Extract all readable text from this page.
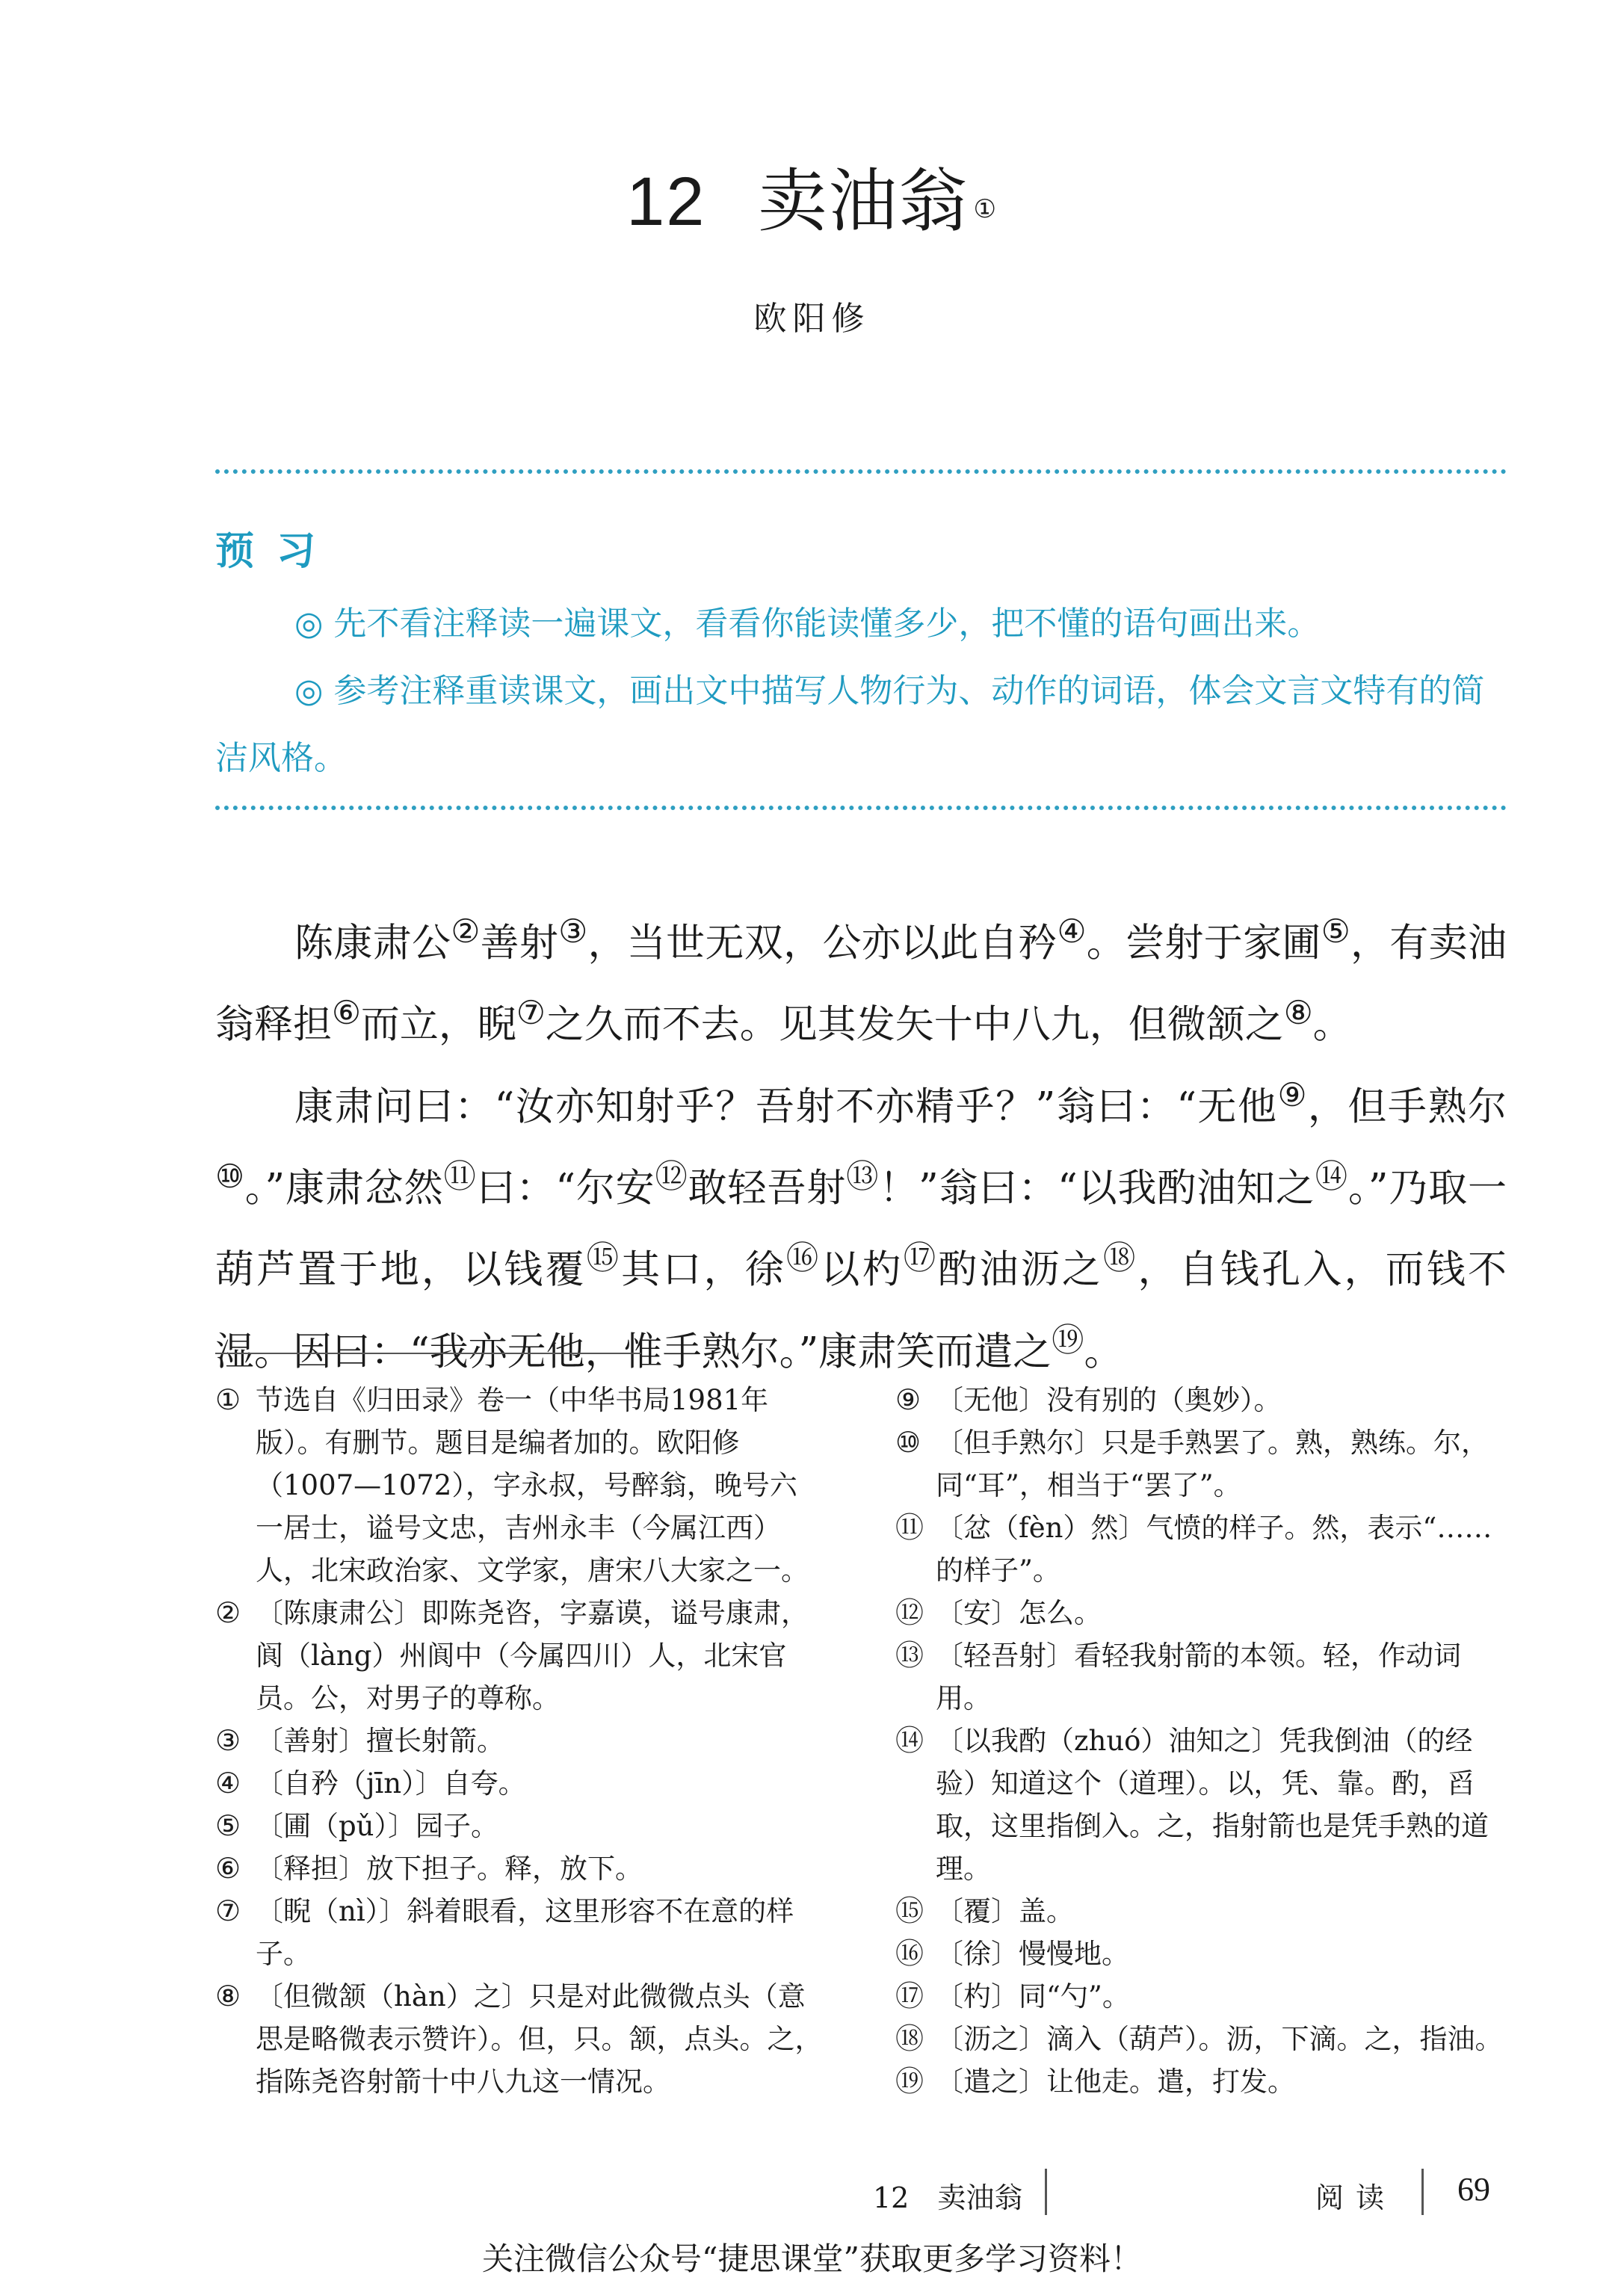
12 卖油翁 ①
欧阳修
预习
◎ 先不看注释读一遍课文，看看你能读懂多少，把不懂的语句画出来。
◎ 参考注释重读课文，画出文中描写人物行为、动作的词语，体会文言文特有的简洁风格。

陈康肃公②善射③，当世无双，公亦以此自矜④。尝射于家圃⑤，有卖油翁释担⑥而立，睨⑦之久而不去。见其发矢十中八九，但微颔之⑧。

康肃问曰：“汝亦知射乎？吾射不亦精乎？”翁曰：“无他⑨，但手熟尔⑩。”康肃忿然⑪曰：“尔安⑫敢轻吾射⑬！”翁曰：“以我酌油知之⑭。”乃取一葫芦置于地，以钱覆⑮其口，徐⑯以杓⑰酌油沥之⑱，自钱孔入，而钱不湿。因曰：“我亦无他，惟手熟尔。”康肃笑而遣之⑲。

① 节选自《归田录》卷一（中华书局1981年版）。有删节。题目是编者加的。欧阳修（1007—1072），字永叔，号醉翁，晚号六一居士，谥号文忠，吉州永丰（今属江西）人，北宋政治家、文学家，唐宋八大家之一。
② 〔陈康肃公〕即陈尧咨，字嘉谟，谥号康肃，阆（làng）州阆中（今属四川）人，北宋官员。公，对男子的尊称。
③ 〔善射〕擅长射箭。
④ 〔自矜（jīn）〕自夸。
⑤ 〔圃（pǔ）〕园子。
⑥ 〔释担〕放下担子。释，放下。
⑦ 〔睨（nì）〕斜着眼看，这里形容不在意的样子。
⑧ 〔但微颔（hàn）之〕只是对此微微点头（意思是略微表示赞许）。但，只。颔，点头。之，指陈尧咨射箭十中八九这一情况。
⑨ 〔无他〕没有别的（奥妙）。
⑩ 〔但手熟尔〕只是手熟罢了。熟，熟练。尔，同“耳”，相当于“罢了”。
⑪ 〔忿（fèn）然〕气愤的样子。然，表示“……的样子”。
⑫ 〔安〕怎么。
⑬ 〔轻吾射〕看轻我射箭的本领。轻，作动词用。
⑭ 〔以我酌（zhuó）油知之〕凭我倒油（的经验）知道这个（道理）。以，凭、靠。酌，舀取，这里指倒入。之，指射箭也是凭手熟的道理。
⑮ 〔覆〕盖。
⑯ 〔徐〕慢慢地。
⑰ 〔杓〕同“勺”。
⑱ 〔沥之〕滴入（葫芦）。沥，下滴。之，指油。
⑲ 〔遣之〕让他走。遣，打发。
12　卖油翁	阅读 69
关注微信公众号“捷思课堂”获取更多学习资料！
